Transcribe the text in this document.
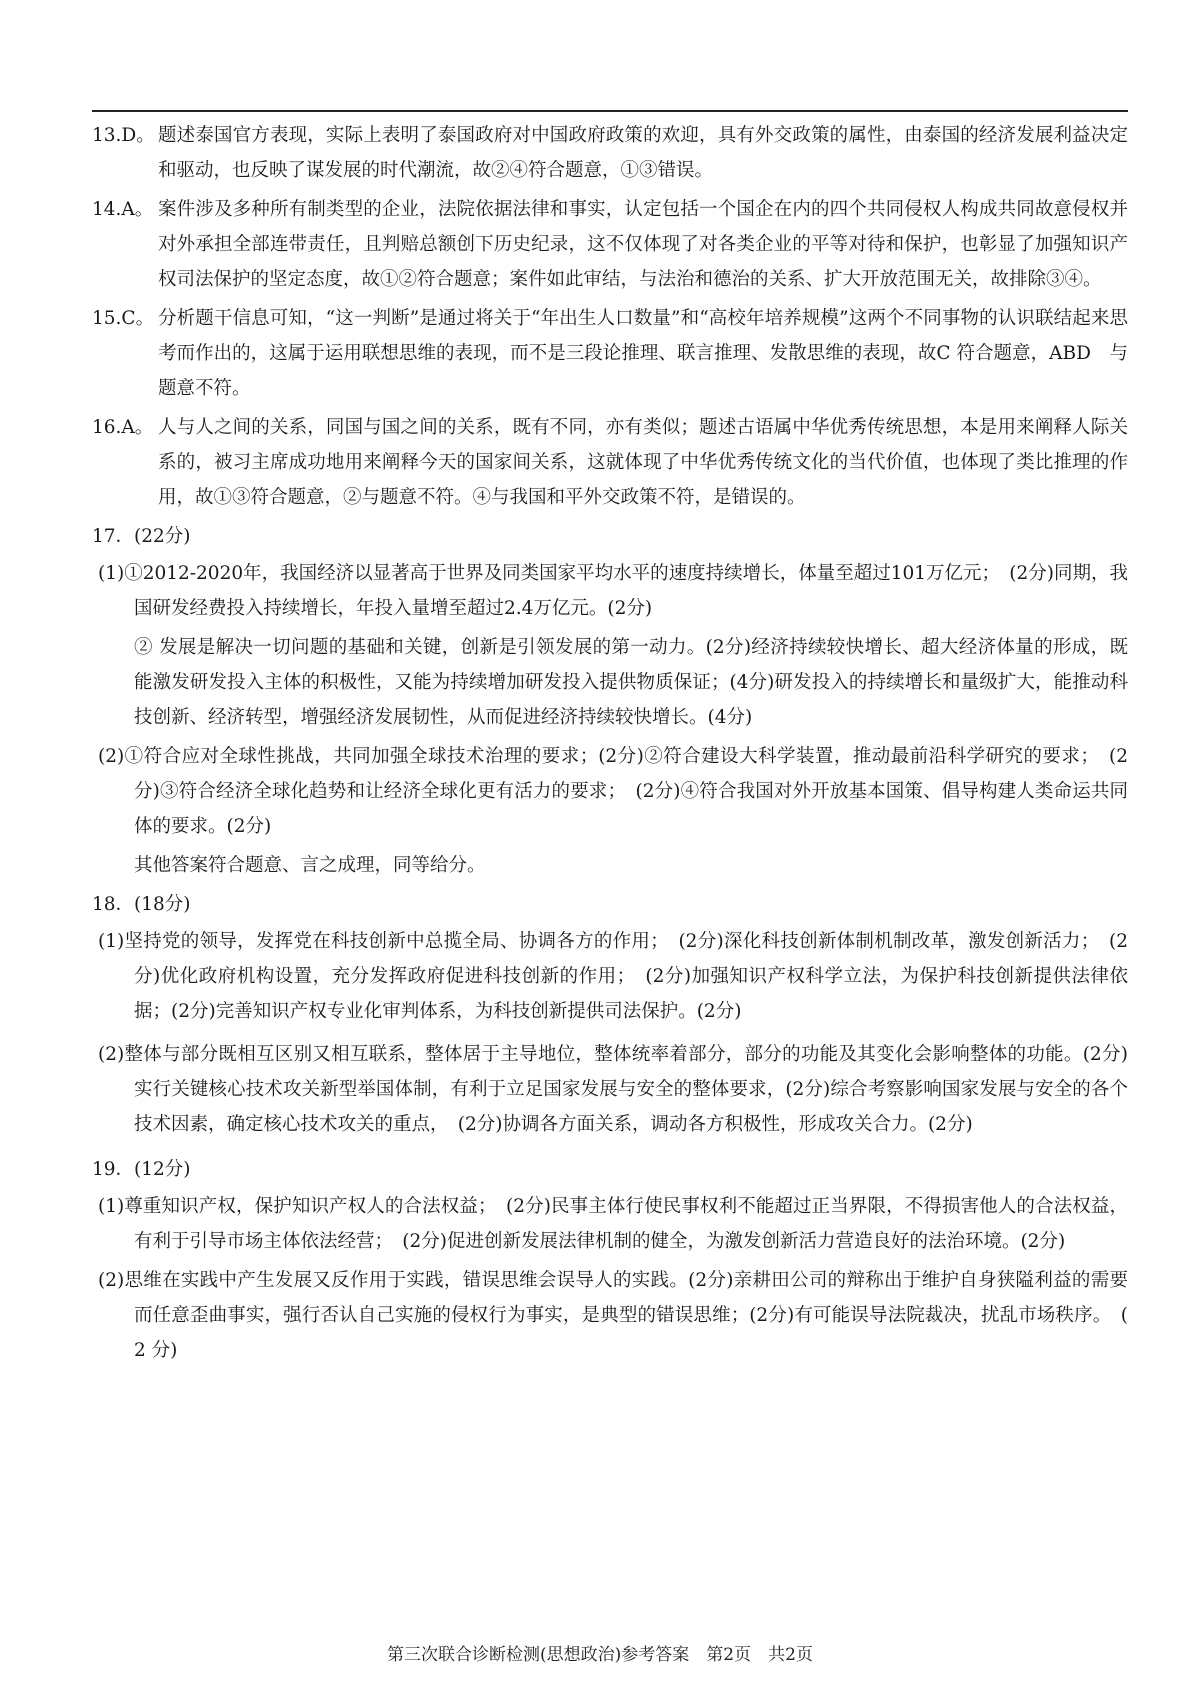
13.D。 题述泰国官方表现，实际上表明了泰国政府对中国政府政策的欢迎，具有外交政策的属性，由泰国的经济发展利益决定和驱动，也反映了谋发展的时代潮流，故②④符合题意，①③错误。
14.A。 案件涉及多种所有制类型的企业，法院依据法律和事实，认定包括一个国企在内的四个共同侵权人构成共同故意侵权并对外承担全部连带责任，且判赔总额创下历史纪录，这不仅体现了对各类企业的平等对待和保护，也彰显了加强知识产权司法保护的坚定态度，故①②符合题意；案件如此审结，与法治和德治的关系、扩大开放范围无关，故排除③④。
15.C。 分析题干信息可知，“这一判断”是通过将关于“年出生人口数量”和“高校年培养规模”这两个不同事物的认识联结起来思考而作出的，这属于运用联想思维的表现，而不是三段论推理、联言推理、发散思维的表现，故C 符合题意，ABD　与题意不符。
16.A。 人与人之间的关系，同国与国之间的关系，既有不同，亦有类似；题述古语属中华优秀传统思想，本是用来阐释人际关系的，被习主席成功地用来阐释今天的国家间关系，这就体现了中华优秀传统文化的当代价值，也体现了类比推理的作用，故①③符合题意，②与题意不符。④与我国和平外交政策不符，是错误的。
17．(22分)
(1)①2012-2020年，我国经济以显著高于世界及同类国家平均水平的速度持续增长，体量至超过101万亿元；　(2分)同期，我国研发经费投入持续增长，年投入量增至超过2.4万亿元。(2分)
② 发展是解决一切问题的基础和关键，创新是引领发展的第一动力。(2分)经济持续较快增长、超大经济体量的形成，既能激发研发投入主体的积极性，又能为持续增加研发投入提供物质保证；(4分)研发投入的持续增长和量级扩大，能推动科技创新、经济转型，增强经济发展韧性，从而促进经济持续较快增长。(4分)
(2)①符合应对全球性挑战，共同加强全球技术治理的要求；(2分)②符合建设大科学装置，推动最前沿科学研究的要求；　(2分)③符合经济全球化趋势和让经济全球化更有活力的要求；　(2分)④符合我国对外开放基本国策、倡导构建人类命运共同体的要求。(2分)
其他答案符合题意、言之成理，同等给分。
18．(18分)
(1)坚持党的领导，发挥党在科技创新中总揽全局、协调各方的作用；　(2分)深化科技创新体制机制改革，激发创新活力；　(2分)优化政府机构设置，充分发挥政府促进科技创新的作用；　(2分)加强知识产权科学立法，为保护科技创新提供法律依据；(2分)完善知识产权专业化审判体系，为科技创新提供司法保护。(2分)
(2)整体与部分既相互区别又相互联系，整体居于主导地位，整体统率着部分，部分的功能及其变化会影响整体的功能。(2分)实行关键核心技术攻关新型举国体制，有利于立足国家发展与安全的整体要求，(2分)综合考察影响国家发展与安全的各个技术因素，确定核心技术攻关的重点，　(2分)协调各方面关系，调动各方积极性，形成攻关合力。(2分)
19．(12分)
(1)尊重知识产权，保护知识产权人的合法权益；　(2分)民事主体行使民事权利不能超过正当界限，不得损害他人的合法权益，有利于引导市场主体依法经营；　(2分)促进创新发展法律机制的健全，为激发创新活力营造良好的法治环境。(2分)
(2)思维在实践中产生发展又反作用于实践，错误思维会误导人的实践。(2分)亲耕田公司的辩称出于维护自身狭隘利益的需要而任意歪曲事实，强行否认自己实施的侵权行为事实，是典型的错误思维；(2分)有可能误导法院裁决，扰乱市场秩序。　( 2 分)
第三次联合诊断检测(思想政治)参考答案　第2页　共2页
